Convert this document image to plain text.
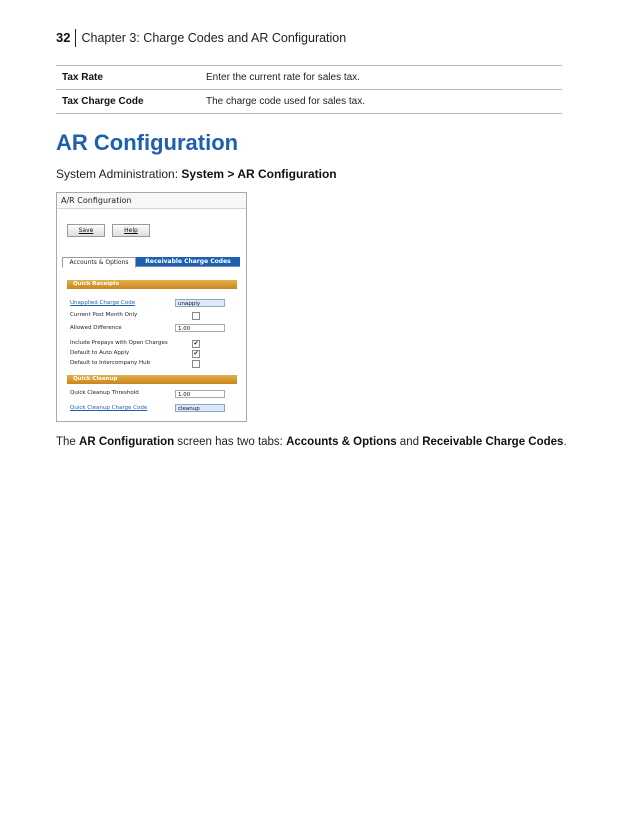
32 Chapter 3: Charge Codes and AR Configuration
Tax Rate	Enter the current rate for sales tax.
Tax Charge Code	The charge code used for sales tax.
AR Configuration
System Administration: System > AR Configuration
A/R Configuration
Save	Help
Accounts & Options	Receivable Charge Codes
Quick Receipts
Unapplied Charge Code	unapply
Current Post Month Only
Allowed Difference	1.00
Include Prepays with Open Charges	✔
Default to Auto Apply	✔
Default to Intercompany Hub
Quick Cleanup
Quick Cleanup Threshold	1.00
Quick Cleanup Charge Code	cleanup
The AR Configuration screen has two tabs: Accounts & Options and Receivable Charge Codes.
